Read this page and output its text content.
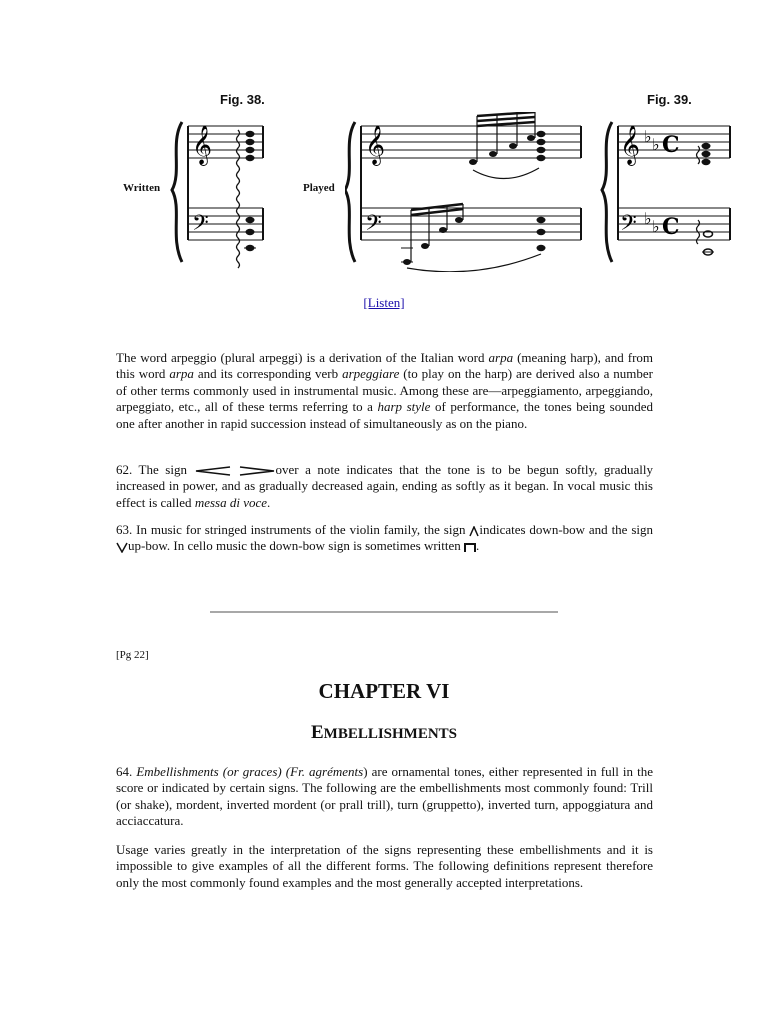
Fig. 38.	Fig. 39.
Written	Played
𝄞
𝄢
𝄞
𝄢
𝄞
𝄢
♭ ♭
♭ ♭
C
C
[Listen]

The word arpeggio (plural arpeggi) is a derivation of the Italian word arpa (meaning harp), and from this word arpa and its corresponding verb arpeggiare (to play on the harp) are derived also a number of other terms commonly used in instrumental music. Among these are—arpeggiamento, arpeggiando, arpeggiato, etc., all of these terms referring to a harp style of performance, the tones being sounded one after another in rapid succession instead of simultaneously as on the piano.

62. The sign	over a note indicates that the tone is to be begun softly, gradually increased in power, and as gradually decreased again, ending as softly as it began. In vocal music this effect is called messa di voce.

63. In music for stringed instruments of the violin family, the sign indicates down-bow and the sign up-bow. In cello music the down-bow sign is sometimes written .

[Pg 22]
CHAPTER VI
EMBELLISHMENTS

64. Embellishments (or graces) (Fr. agréments) are ornamental tones, either represented in full in the score or indicated by certain signs. The following are the embellishments most commonly found: Trill (or shake), mordent, inverted mordent (or prall trill), turn (gruppetto), inverted turn, appoggiatura and acciaccatura.

Usage varies greatly in the interpretation of the signs representing these embellishments and it is impossible to give examples of all the different forms. The following definitions represent therefore only the most commonly found examples and the most generally accepted interpretations.
